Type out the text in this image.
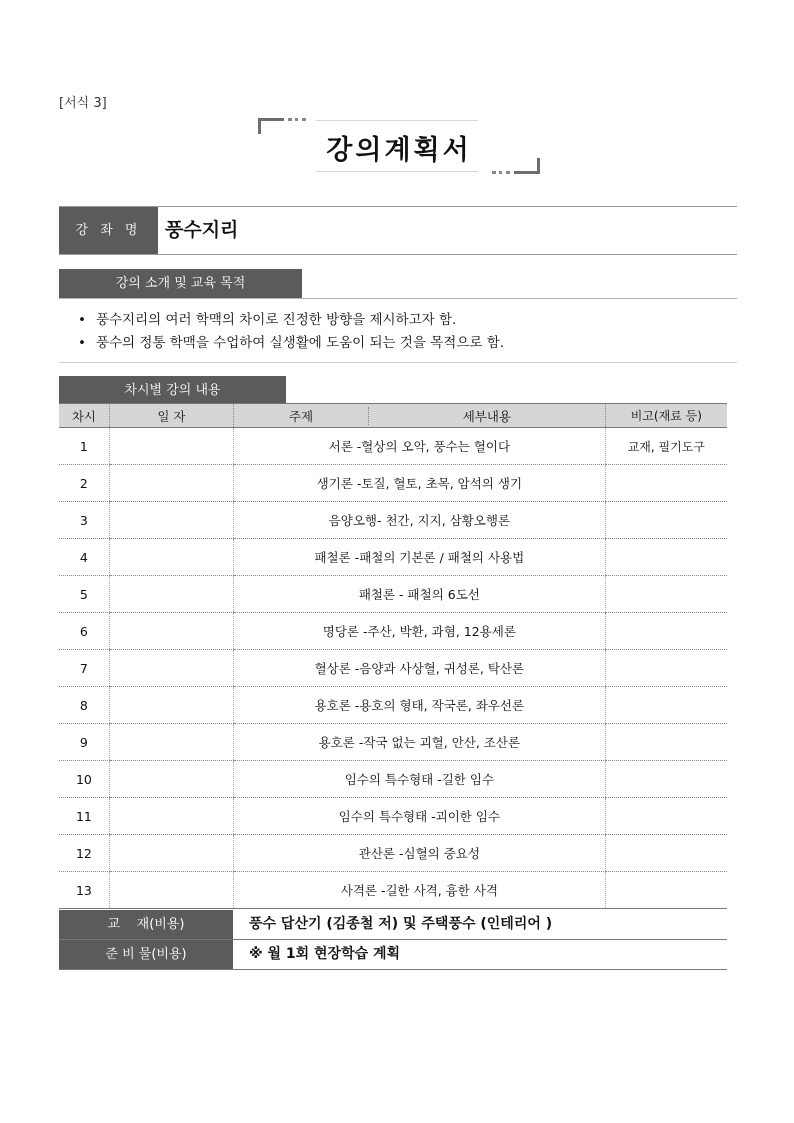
[서식 3]
강의계획서
강 좌 명	풍수지리
강의 소개 및 교육 목적
• 풍수지리의 여러 학맥의 차이로 진정한 방향을 제시하고자 함.
• 풍수의 정통 학맥을 수업하여 실생활에 도움이 되는 것을 목적으로 함.
차시별 강의 내용
차시	일 자	주제 세부내용	비고(재료 등)
1		서론 -혈상의 오악, 풍수는 혈이다	교재, 필기도구
2		생기론 -토질, 혈토, 초목, 암석의 생기	
3		음양오행- 천간, 지지, 삼황오행론	
4		패철론 -패철의 기본론 / 패철의 사용법	
5		패철론 - 패철의 6도선	
6		명당론 -주산, 박환, 과혐, 12용세론	
7		혈상론 -음양과 사상혈, 귀성론, 탁산론	
8		용호론 -용호의 형태, 작국론, 좌우선론	
9		용호론 -작국 없는 괴혈, 안산, 조산론	
10		임수의 특수형태 -길한 임수	
11		임수의 특수형태 -괴이한 임수	
12		관산론 -심혈의 중요성	
13		사격론 -길한 사격, 흉한 사격	
교    재(비용)	풍수 답산기 (김종철 저) 및 주택풍수 (인테리어 )
준 비 물(비용)	※ 월 1회 현장학습 계획
